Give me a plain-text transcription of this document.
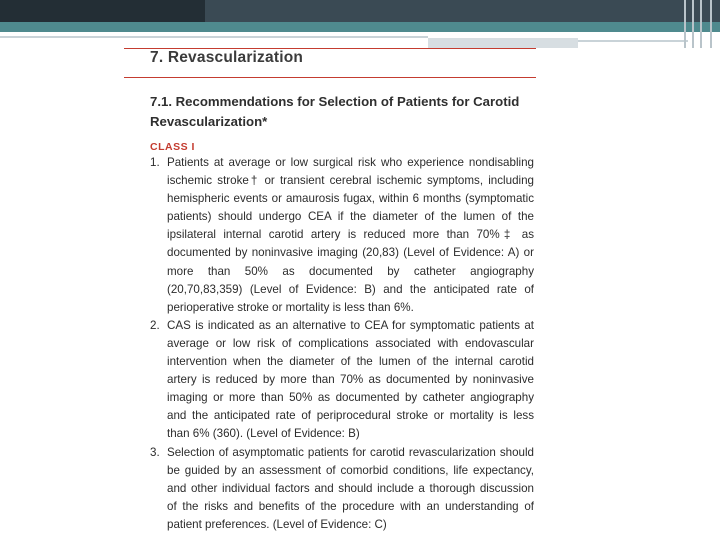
7. Revascularization
7.1. Recommendations for Selection of Patients for Carotid Revascularization*
CLASS I
1. Patients at average or low surgical risk who experience nondisabling ischemic stroke† or transient cerebral ischemic symptoms, including hemispheric events or amaurosis fugax, within 6 months (symptomatic patients) should undergo CEA if the diameter of the lumen of the ipsilateral internal carotid artery is reduced more than 70%‡ as documented by noninvasive imaging (20,83) (Level of Evidence: A) or more than 50% as documented by catheter angiography (20,70,83,359) (Level of Evidence: B) and the anticipated rate of perioperative stroke or mortality is less than 6%.
2. CAS is indicated as an alternative to CEA for symptomatic patients at average or low risk of complications associated with endovascular intervention when the diameter of the lumen of the internal carotid artery is reduced by more than 70% as documented by noninvasive imaging or more than 50% as documented by catheter angiography and the anticipated rate of periprocedural stroke or mortality is less than 6% (360). (Level of Evidence: B)
3. Selection of asymptomatic patients for carotid revascularization should be guided by an assessment of comorbid conditions, life expectancy, and other individual factors and should include a thorough discussion of the risks and benefits of the procedure with an understanding of patient preferences. (Level of Evidence: C)
